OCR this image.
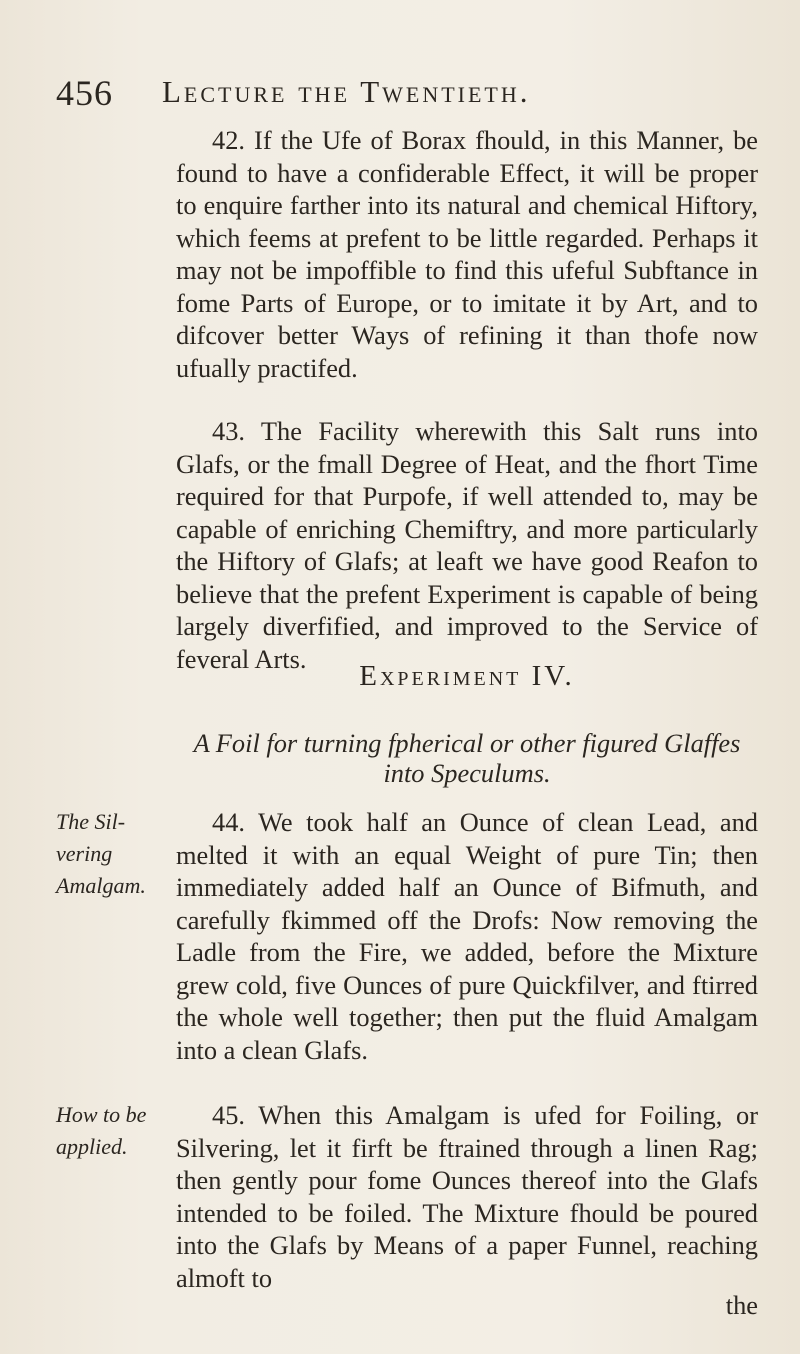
456 Lecture the Twentieth.

42. If the Ufe of Borax fhould, in this Manner, be found to have a confiderable Effect, it will be proper to enquire farther into its natural and chemical Hiftory, which feems at prefent to be little regarded. Perhaps it may not be impoffible to find this ufeful Subftance in fome Parts of Europe, or to imitate it by Art, and to difcover better Ways of refining it than thofe now ufually practifed.

43. The Facility wherewith this Salt runs into Glafs, or the fmall Degree of Heat, and the fhort Time required for that Purpofe, if well attended to, may be capable of enriching Chemiftry, and more particularly the Hiftory of Glafs; at leaft we have good Reafon to believe that the prefent Experiment is capable of being largely diverfified, and improved to the Service of feveral Arts.

Experiment IV.
A Foil for turning fpherical or other figured Glaffes into Speculums.
The Sil-
vering
Amalgam.

44. We took half an Ounce of clean Lead, and melted it with an equal Weight of pure Tin; then immediately added half an Ounce of Bifmuth, and carefully fkimmed off the Drofs: Now removing the Ladle from the Fire, we added, before the Mixture grew cold, five Ounces of pure Quickfilver, and ftirred the whole well together; then put the fluid Amalgam into a clean Glafs.

How to be
applied.

45. When this Amalgam is ufed for Foiling, or Silvering, let it firft be ftrained through a linen Rag; then gently pour fome Ounces thereof into the Glafs intended to be foiled. The Mixture fhould be poured into the Glafs by Means of a paper Funnel, reaching almoft to

the
